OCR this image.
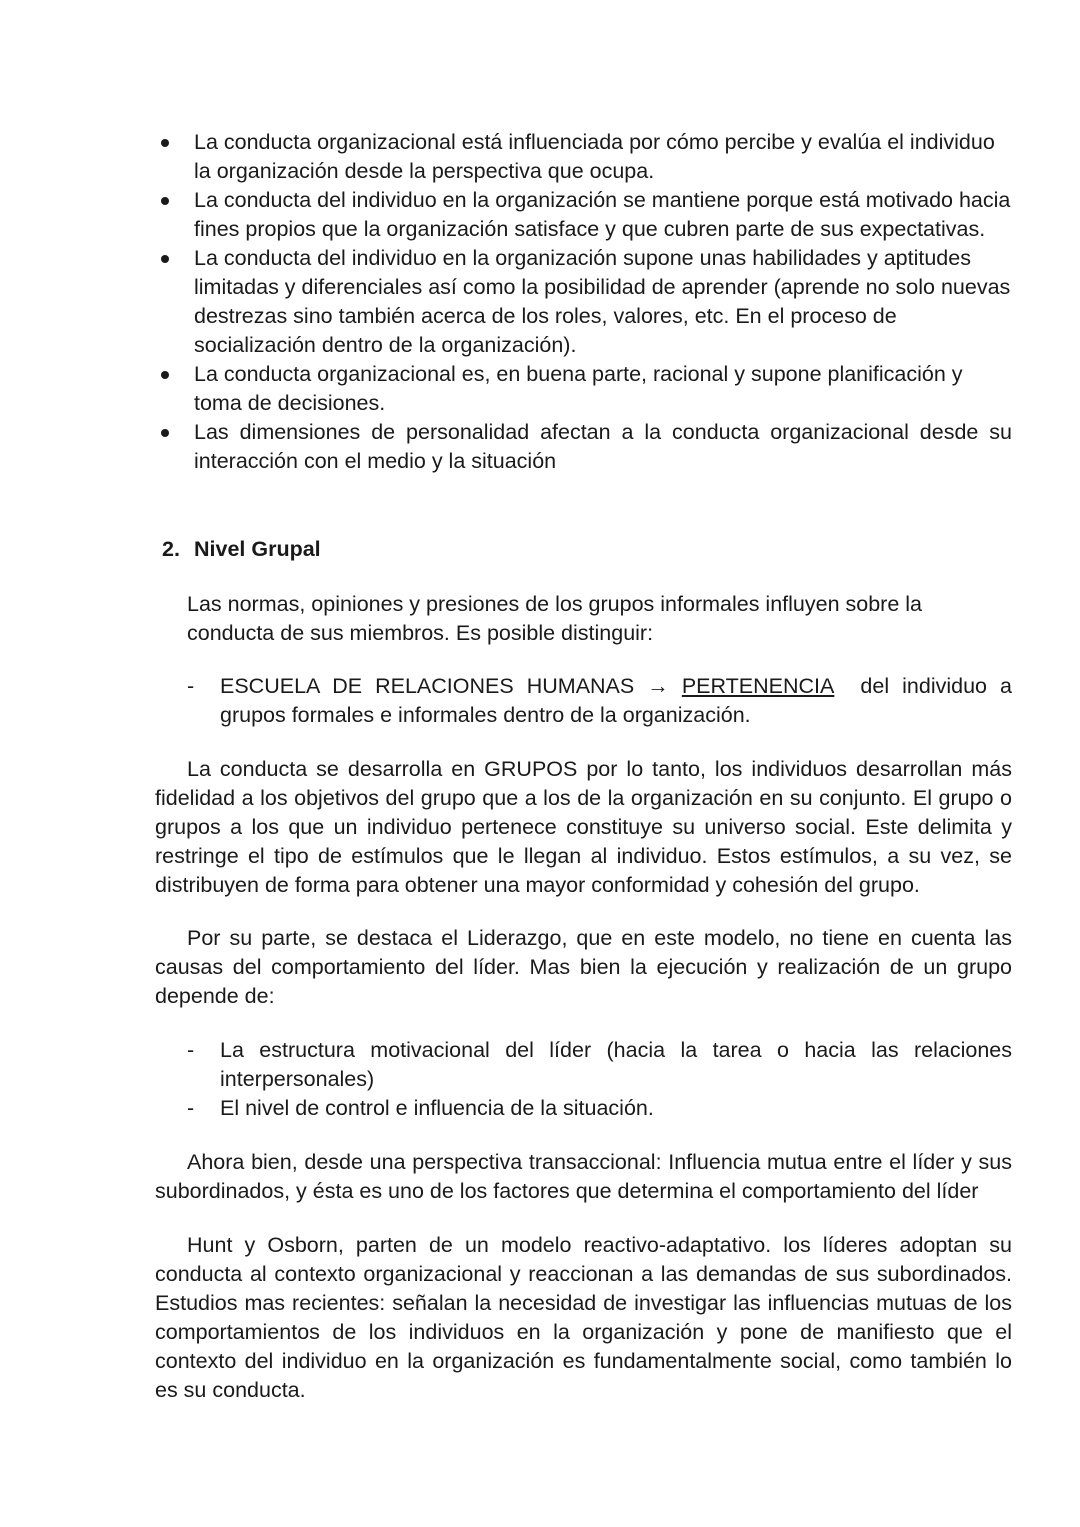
La conducta organizacional está influenciada por cómo percibe y evalúa el individuo la organización desde la perspectiva que ocupa.
La conducta del individuo en la organización se mantiene porque está motivado hacia fines propios que la organización satisface y que cubren parte de sus expectativas.
La conducta del individuo en la organización supone unas habilidades y aptitudes limitadas y diferenciales así como la posibilidad de aprender (aprende no solo nuevas destrezas sino también acerca de los roles, valores, etc. En el proceso de socialización dentro de la organización).
La conducta organizacional es, en buena parte, racional y supone planificación y toma de decisiones.
Las dimensiones de personalidad afectan a la conducta organizacional desde su interacción con el medio y la situación
2. Nivel Grupal
Las normas, opiniones y presiones de los grupos informales influyen sobre la conducta de sus miembros. Es posible distinguir:
- ESCUELA DE RELACIONES HUMANAS → PERTENENCIA del individuo a grupos formales e informales dentro de la organización.
La conducta se desarrolla en GRUPOS por lo tanto, los individuos desarrollan más fidelidad a los objetivos del grupo que a los de la organización en su conjunto. El grupo o grupos a los que un individuo pertenece constituye su universo social. Este delimita y restringe el tipo de estímulos que le llegan al individuo. Estos estímulos, a su vez, se distribuyen de forma para obtener una mayor conformidad y cohesión del grupo.
Por su parte, se destaca el Liderazgo, que en este modelo, no tiene en cuenta las causas del comportamiento del líder. Mas bien la ejecución y realización de un grupo depende de:
- La estructura motivacional del líder (hacia la tarea o hacia las relaciones interpersonales)
- El nivel de control e influencia de la situación.
Ahora bien, desde una perspectiva transaccional: Influencia mutua entre el líder y sus subordinados, y ésta es uno de los factores que determina el comportamiento del líder
Hunt y Osborn, parten de un modelo reactivo-adaptativo. los líderes adoptan su conducta al contexto organizacional y reaccionan a las demandas de sus subordinados. Estudios mas recientes: señalan la necesidad de investigar las influencias mutuas de los comportamientos de los individuos en la organización y pone de manifiesto que el contexto del individuo en la organización es fundamentalmente social, como también lo es su conducta.
